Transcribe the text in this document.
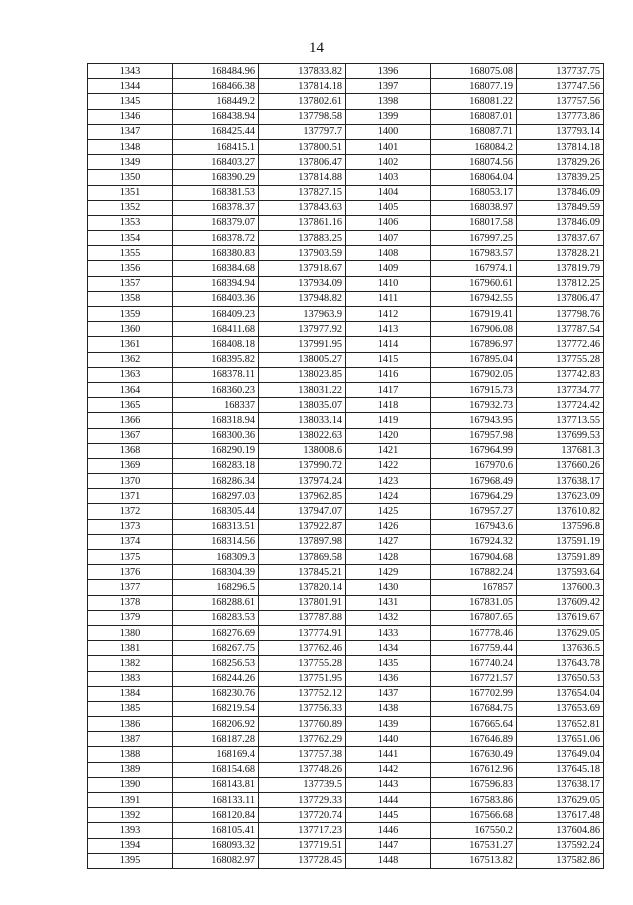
14
1343	168484.96	137833.82	1396	168075.08	137737.75
1344	168466.38	137814.18	1397	168077.19	137747.56
1345	168449.2	137802.61	1398	168081.22	137757.56
1346	168438.94	137798.58	1399	168087.01	137773.86
1347	168425.44	137797.7	1400	168087.71	137793.14
1348	168415.1	137800.51	1401	168084.2	137814.18
1349	168403.27	137806.47	1402	168074.56	137829.26
1350	168390.29	137814.88	1403	168064.04	137839.25
1351	168381.53	137827.15	1404	168053.17	137846.09
1352	168378.37	137843.63	1405	168038.97	137849.59
1353	168379.07	137861.16	1406	168017.58	137846.09
1354	168378.72	137883.25	1407	167997.25	137837.67
1355	168380.83	137903.59	1408	167983.57	137828.21
1356	168384.68	137918.67	1409	167974.1	137819.79
1357	168394.94	137934.09	1410	167960.61	137812.25
1358	168403.36	137948.82	1411	167942.55	137806.47
1359	168409.23	137963.9	1412	167919.41	137798.76
1360	168411.68	137977.92	1413	167906.08	137787.54
1361	168408.18	137991.95	1414	167896.97	137772.46
1362	168395.82	138005.27	1415	167895.04	137755.28
1363	168378.11	138023.85	1416	167902.05	137742.83
1364	168360.23	138031.22	1417	167915.73	137734.77
1365	168337	138035.07	1418	167932.73	137724.42
1366	168318.94	138033.14	1419	167943.95	137713.55
1367	168300.36	138022.63	1420	167957.98	137699.53
1368	168290.19	138008.6	1421	167964.99	137681.3
1369	168283.18	137990.72	1422	167970.6	137660.26
1370	168286.34	137974.24	1423	167968.49	137638.17
1371	168297.03	137962.85	1424	167964.29	137623.09
1372	168305.44	137947.07	1425	167957.27	137610.82
1373	168313.51	137922.87	1426	167943.6	137596.8
1374	168314.56	137897.98	1427	167924.32	137591.19
1375	168309.3	137869.58	1428	167904.68	137591.89
1376	168304.39	137845.21	1429	167882.24	137593.64
1377	168296.5	137820.14	1430	167857	137600.3
1378	168288.61	137801.91	1431	167831.05	137609.42
1379	168283.53	137787.88	1432	167807.65	137619.67
1380	168276.69	137774.91	1433	167778.46	137629.05
1381	168267.75	137762.46	1434	167759.44	137636.5
1382	168256.53	137755.28	1435	167740.24	137643.78
1383	168244.26	137751.95	1436	167721.57	137650.53
1384	168230.76	137752.12	1437	167702.99	137654.04
1385	168219.54	137756.33	1438	167684.75	137653.69
1386	168206.92	137760.89	1439	167665.64	137652.81
1387	168187.28	137762.29	1440	167646.89	137651.06
1388	168169.4	137757.38	1441	167630.49	137649.04
1389	168154.68	137748.26	1442	167612.96	137645.18
1390	168143.81	137739.5	1443	167596.83	137638.17
1391	168133.11	137729.33	1444	167583.86	137629.05
1392	168120.84	137720.74	1445	167566.68	137617.48
1393	168105.41	137717.23	1446	167550.2	137604.86
1394	168093.32	137719.51	1447	167531.27	137592.24
1395	168082.97	137728.45	1448	167513.82	137582.86
